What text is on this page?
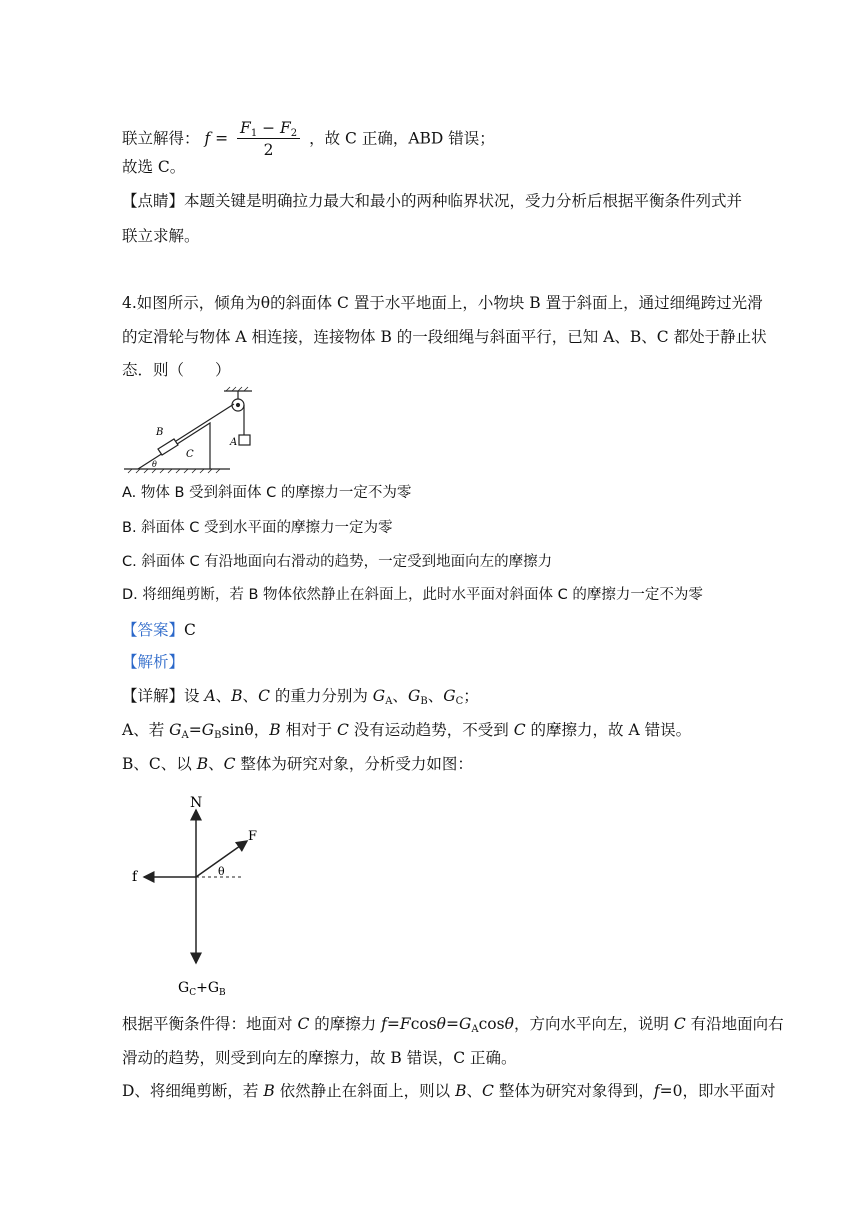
联立解得： $f = \frac{F_1 - F_2}{2}$ ，故 C 正确，ABD 错误；
故选 C。
【点睛】本题关键是明确拉力最大和最小的两种临界状况，受力分析后根据平衡条件列式并
联立求解。
4.如图所示，倾角为θ的斜面体 C 置于水平地面上，小物块 B 置于斜面上，通过细绳跨过光滑
的定滑轮与物体 A 相连接，连接物体 B 的一段细绳与斜面平行，已知 A、B、C 都处于静止状
态．则（　　）
B
C
A
θ
A. 物体 B 受到斜面体 C 的摩擦力一定不为零
B. 斜面体 C 受到水平面的摩擦力一定为零
C. 斜面体 C 有沿地面向右滑动的趋势，一定受到地面向左的摩擦力
D. 将细绳剪断，若 B 物体依然静止在斜面上，此时水平面对斜面体 C 的摩擦力一定不为零
【答案】C
【解析】
【详解】设 A、B、C 的重力分别为 $G_A$、$G_B$、$G_C$；
A、若 $G_A=G_B\sin\theta$，B 相对于 C 没有运动趋势，不受到 C 的摩擦力，故 A 错误。
B、C、以 B、C 整体为研究对象，分析受力如图：
N
F
θ
f
$G_C+G_B$
根据平衡条件得：地面对 C 的摩擦力 $f=Fcos\theta=G_A\cos\theta$，方向水平向左，说明 C 有沿地面向右
滑动的趋势，则受到向左的摩擦力，故 B 错误，C 正确。
D、将细绳剪断，若 B 依然静止在斜面上，则以 B、C 整体为研究对象得到，f=0，即水平面对
